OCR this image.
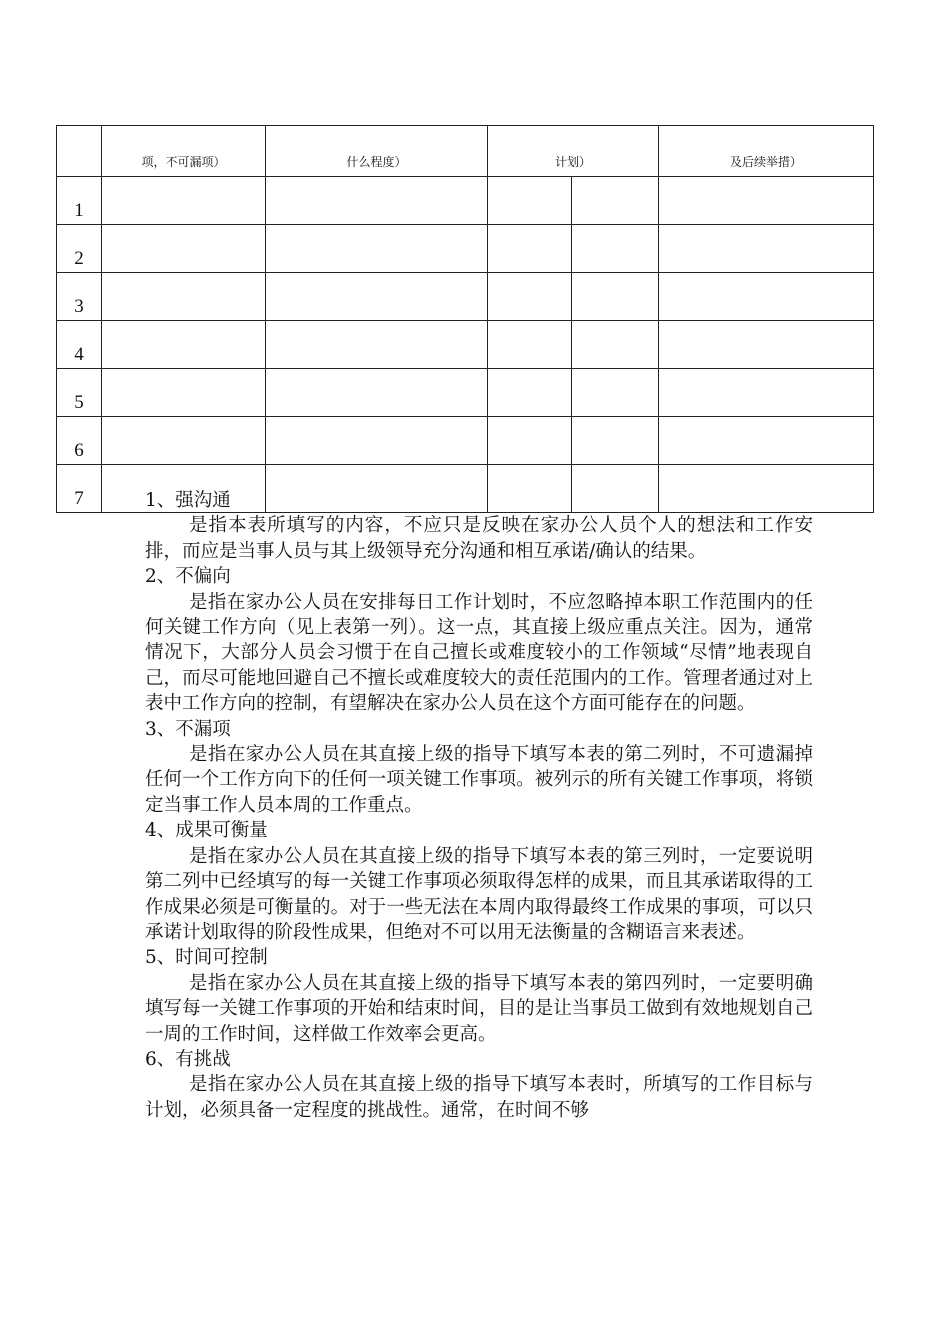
	项，不可漏项）	什么程度）	计划）		及后续举措）
1					
2					
3					
4					
5					
6					
7						1、强沟通

是指本表所填写的内容，不应只是反映在家办公人员个人的想法和工作安排，而应是当事人员与其上级领导充分沟通和相互承诺/确认的结果。

2、不偏向

是指在家办公人员在安排每日工作计划时，不应忽略掉本职工作范围内的任何关键工作方向（见上表第一列）。这一点，其直接上级应重点关注。因为，通常情况下，大部分人员会习惯于在自己擅长或难度较小的工作领域“尽情”地表现自己，而尽可能地回避自己不擅长或难度较大的责任范围内的工作。管理者通过对上表中工作方向的控制，有望解决在家办公人员在这个方面可能存在的问题。

3、不漏项

是指在家办公人员在其直接上级的指导下填写本表的第二列时，不可遗漏掉任何一个工作方向下的任何一项关键工作事项。被列示的所有关键工作事项，将锁定当事工作人员本周的工作重点。

4、成果可衡量

是指在家办公人员在其直接上级的指导下填写本表的第三列时，一定要说明第二列中已经填写的每一关键工作事项必须取得怎样的成果，而且其承诺取得的工作成果必须是可衡量的。对于一些无法在本周内取得最终工作成果的事项，可以只承诺计划取得的阶段性成果，但绝对不可以用无法衡量的含糊语言来表述。

5、时间可控制

是指在家办公人员在其直接上级的指导下填写本表的第四列时，一定要明确填写每一关键工作事项的开始和结束时间，目的是让当事员工做到有效地规划自己一周的工作时间，这样做工作效率会更高。

6、有挑战

是指在家办公人员在其直接上级的指导下填写本表时，所填写的工作目标与计划，必须具备一定程度的挑战性。通常，在时间不够
